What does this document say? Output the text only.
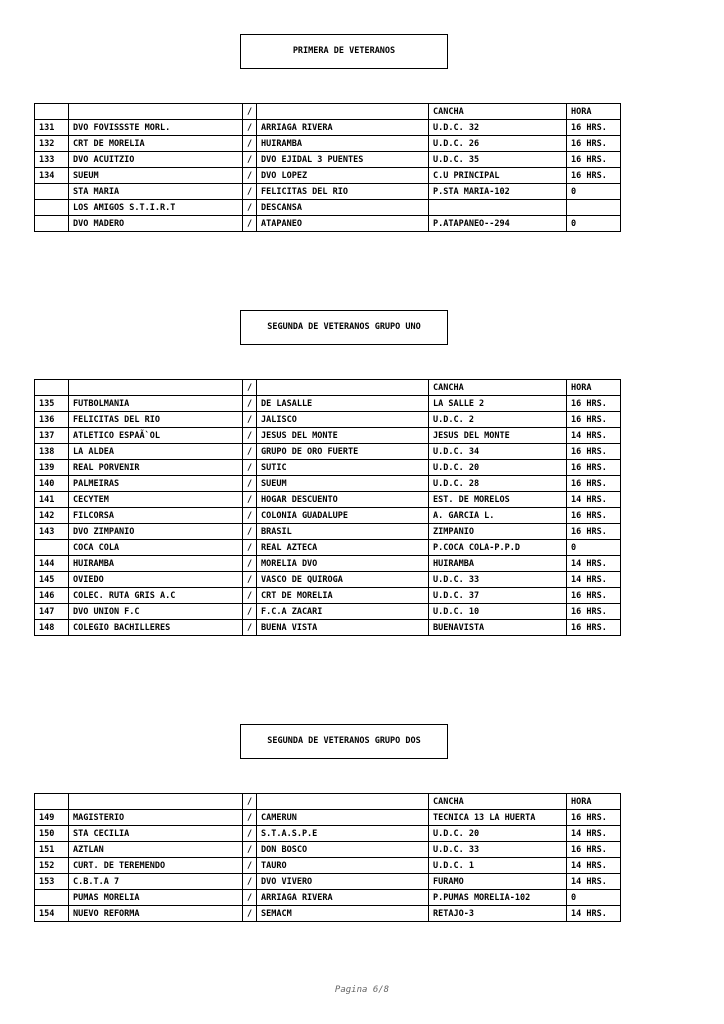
PRIMERA DE VETERANOS
		/		CANCHA	HORA
131	DVO FOVISSSTE MORL.	/	ARRIAGA RIVERA	U.D.C. 32	16 HRS.
132	CRT DE MORELIA	/	HUIRAMBA	U.D.C. 26	16 HRS.
133	DVO ACUITZIO	/	DVO EJIDAL 3 PUENTES	U.D.C. 35	16 HRS.
134	SUEUM	/	DVO LOPEZ	C.U PRINCIPAL	16 HRS.
	STA MARIA	/	FELICITAS DEL RIO	P.STA MARIA-102	0
	LOS AMIGOS S.T.I.R.T	/	DESCANSA		
	DVO MADERO	/	ATAPANEO	P.ATAPANEO--294	0
SEGUNDA DE VETERANOS GRUPO UNO
		/		CANCHA	HORA
135	FUTBOLMANIA	/	DE LASALLE	LA SALLE 2	16 HRS.
136	FELICITAS DEL RIO	/	JALISCO	U.D.C. 2	16 HRS.
137	ATLETICO ESPAÃ`OL	/	JESUS DEL MONTE	JESUS DEL MONTE	14 HRS.
138	LA ALDEA	/	GRUPO DE ORO FUERTE	U.D.C. 34	16 HRS.
139	REAL PORVENIR	/	SUTIC	U.D.C. 20	16 HRS.
140	PALMEIRAS	/	SUEUM	U.D.C. 28	16 HRS.
141	CECYTEM	/	HOGAR DESCUENTO	EST. DE MORELOS	14 HRS.
142	FILCORSA	/	COLONIA GUADALUPE	A. GARCIA L.	16 HRS.
143	DVO ZIMPANIO	/	BRASIL	ZIMPANIO	16 HRS.
	COCA COLA	/	REAL AZTECA	P.COCA COLA-P.P.D	0
144	HUIRAMBA	/	MORELIA DVO	HUIRAMBA	14 HRS.
145	OVIEDO	/	VASCO DE QUIROGA	U.D.C. 33	14 HRS.
146	COLEC. RUTA GRIS A.C	/	CRT DE MORELIA	U.D.C. 37	16 HRS.
147	DVO UNION F.C	/	F.C.A ZACARI	U.D.C. 10	16 HRS.
148	COLEGIO BACHILLERES	/	BUENA VISTA	BUENAVISTA	16 HRS.
SEGUNDA DE VETERANOS GRUPO DOS
		/		CANCHA	HORA
149	MAGISTERIO	/	CAMERUN	TECNICA 13 LA HUERTA	16 HRS.
150	STA CECILIA	/	S.T.A.S.P.E	U.D.C. 20	14 HRS.
151	AZTLAN	/	DON BOSCO	U.D.C. 33	16 HRS.
152	CURT. DE TEREMENDO	/	TAURO	U.D.C. 1	14 HRS.
153	C.B.T.A 7	/	DVO VIVERO	FURAMO	14 HRS.
	PUMAS MORELIA	/	ARRIAGA RIVERA	P.PUMAS MORELIA-102	0
154	NUEVO REFORMA	/	SEMACM	RETAJO-3	14 HRS.
Pagina 6/8
